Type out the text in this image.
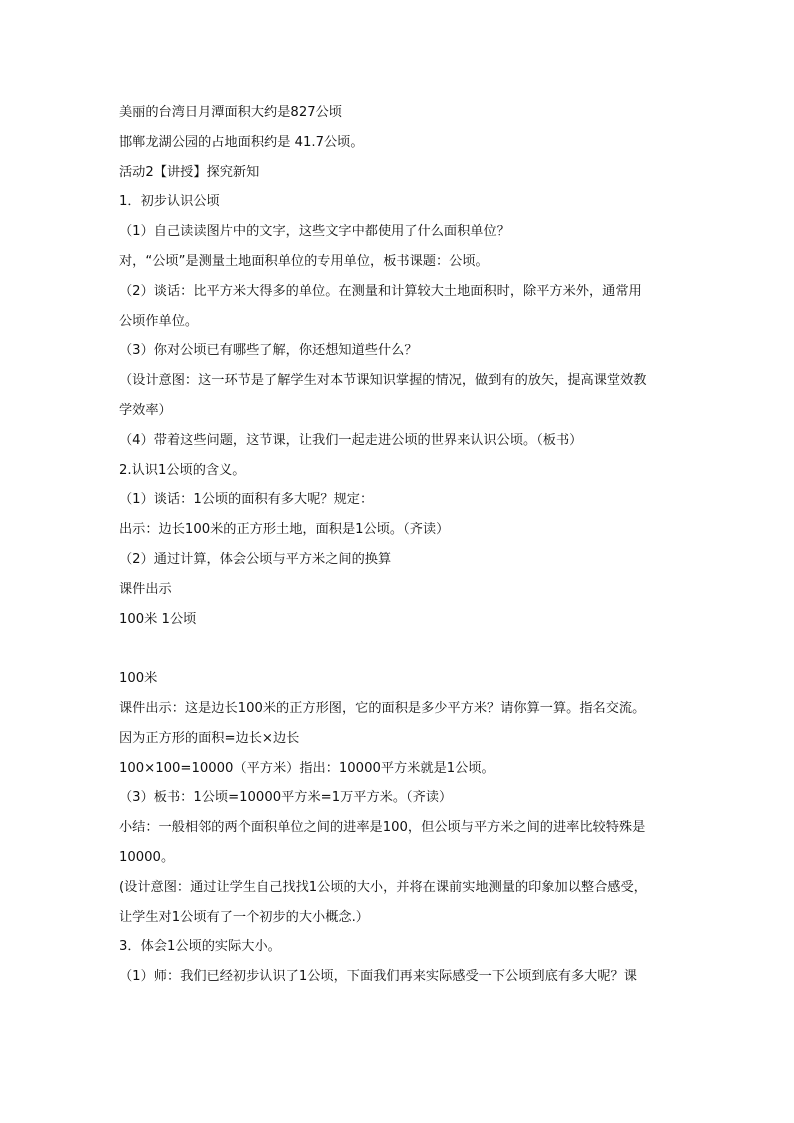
美丽的台湾日月潭面积大约是827公顷
邯郸龙湖公园的占地面积约是 41.7公顷。
活动2【讲授】探究新知
1．初步认识公顷
（1）自己读读图片中的文字，这些文字中都使用了什么面积单位？
对，“公顷”是测量土地面积单位的专用单位，板书课题：公顷。
（2）谈话：比平方米大得多的单位。在测量和计算较大土地面积时，除平方米外，通常用
公顷作单位。
（3）你对公顷已有哪些了解，你还想知道些什么？
（设计意图：这一环节是了解学生对本节课知识掌握的情况，做到有的放矢，提高课堂效教
学效率）
（4）带着这些问题，这节课，让我们一起走进公顷的世界来认识公顷。（板书）
2.认识1公顷的含义。
（1）谈话：1公顷的面积有多大呢？规定：
出示：边长100米的正方形土地，面积是1公顷。（齐读）
（2）通过计算，体会公顷与平方米之间的换算
课件出示
100米 1公顷
100米
课件出示：这是边长100米的正方形图，它的面积是多少平方米？请你算一算。指名交流。
因为正方形的面积=边长×边长
100×100=10000（平方米）指出：10000平方米就是1公顷。
（3）板书：1公顷=10000平方米=1万平方米。（齐读）
小结：一般相邻的两个面积单位之间的进率是100，但公顷与平方米之间的进率比较特殊是
10000。
(设计意图：通过让学生自己找找1公顷的大小，并将在课前实地测量的印象加以整合感受，
让学生对1公顷有了一个初步的大小概念.）
3．体会1公顷的实际大小。
（1）师：我们已经初步认识了1公顷，下面我们再来实际感受一下公顷到底有多大呢？课
